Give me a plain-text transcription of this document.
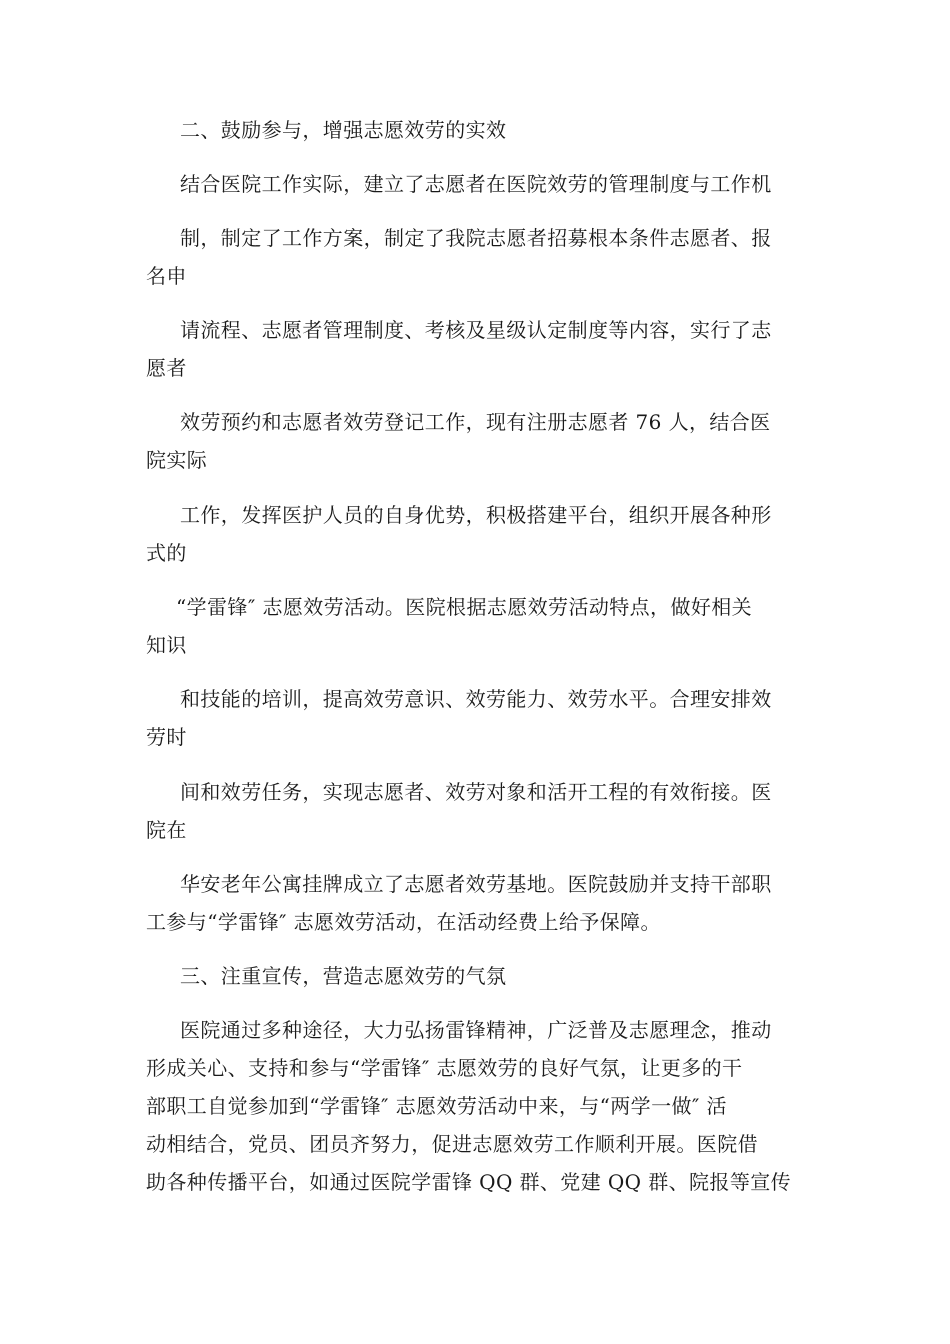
二、鼓励参与，增强志愿效劳的实效
结合医院工作实际，建立了志愿者在医院效劳的管理制度与工作机
制，制定了工作方案，制定了我院志愿者招募根本条件志愿者、报
名申
请流程、志愿者管理制度、考核及星级认定制度等内容，实行了志
愿者
效劳预约和志愿者效劳登记工作，现有注册志愿者 76 人，结合医
院实际
工作，发挥医护人员的自身优势，积极搭建平台，组织开展各种形
式的
“学雷锋″ 志愿效劳活动。医院根据志愿效劳活动特点，做好相关
知识
和技能的培训，提高效劳意识、效劳能力、效劳水平。合理安排效
劳时
间和效劳任务，实现志愿者、效劳对象和活开工程的有效衔接。医
院在
华安老年公寓挂牌成立了志愿者效劳基地。医院鼓励并支持干部职
工参与“学雷锋″ 志愿效劳活动，在活动经费上给予保障。
三、注重宣传，营造志愿效劳的气氛
医院通过多种途径，大力弘扬雷锋精神，广泛普及志愿理念，推动
形成关心、支持和参与“学雷锋″ 志愿效劳的良好气氛，让更多的干
部职工自觉参加到“学雷锋″ 志愿效劳活动中来，与“两学一做″ 活
动相结合，党员、团员齐努力，促进志愿效劳工作顺利开展。医院借
助各种传播平台，如通过医院学雷锋 QQ 群、党建 QQ 群、院报等宣传
